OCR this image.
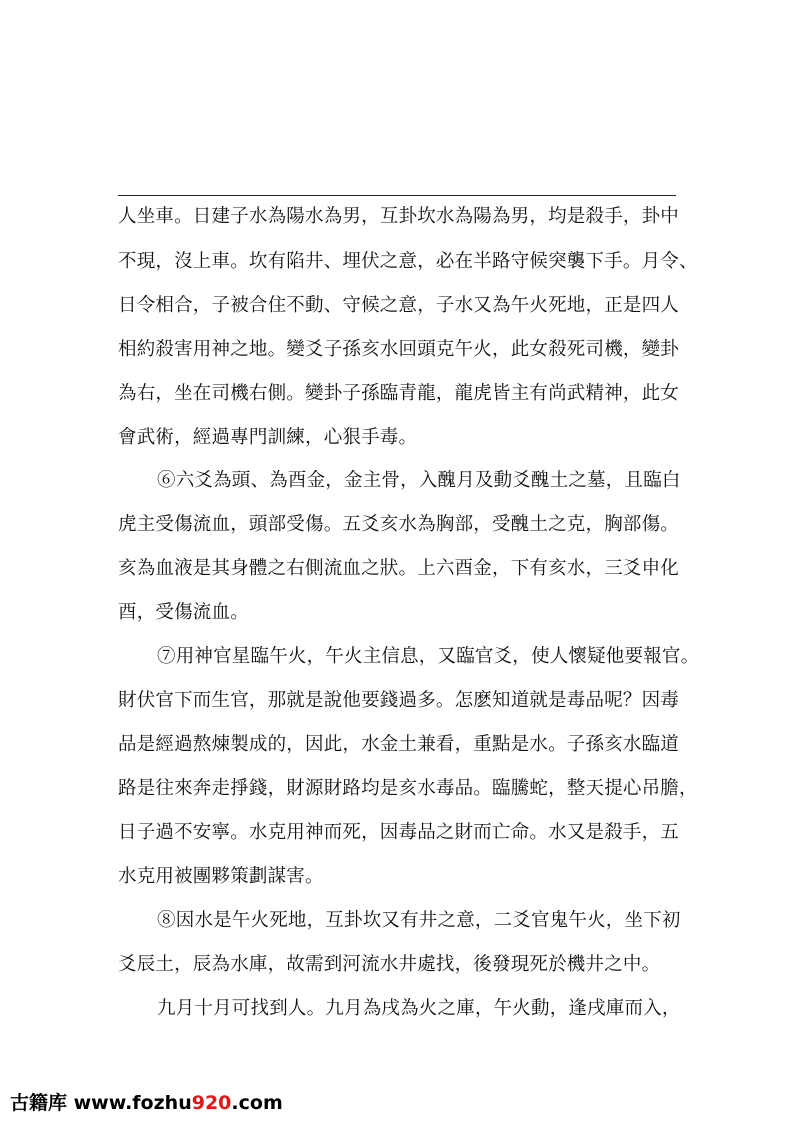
人坐車。日建子水為陽水為男，互卦坎水為陽為男，均是殺手，卦中
不現，沒上車。坎有陷井、埋伏之意，必在半路守候突襲下手。月令、
日令相合，子被合住不動、守候之意，子水又為午火死地，正是四人
相約殺害用神之地。變爻子孫亥水回頭克午火，此女殺死司機，變卦
為右，坐在司機右側。變卦子孫臨青龍，龍虎皆主有尚武精神，此女
會武術，經過專門訓練，心狠手毒。
⑥六爻為頭、為酉金，金主骨，入醜月及動爻醜土之墓，且臨白
虎主受傷流血，頭部受傷。五爻亥水為胸部，受醜土之克，胸部傷。
亥為血液是其身體之右側流血之狀。上六酉金，下有亥水，三爻申化
酉，受傷流血。
⑦用神官星臨午火，午火主信息，又臨官爻，使人懷疑他要報官。
財伏官下而生官，那就是說他要錢過多。怎麽知道就是毒品呢？因毒
品是經過熬煉製成的，因此，水金土兼看，重點是水。子孫亥水臨道
路是往來奔走掙錢，財源財路均是亥水毒品。臨騰蛇，整天提心吊膽，
日子過不安寧。水克用神而死，因毒品之財而亡命。水又是殺手，五
水克用被團夥策劃謀害。
⑧因水是午火死地，互卦坎又有井之意，二爻官鬼午火，坐下初
爻辰土，辰為水庫，故需到河流水井處找，後發現死於機井之中。
九月十月可找到人。九月為戌為火之庫，午火動，逢戌庫而入，
古籍库 www.fozhu920.com
